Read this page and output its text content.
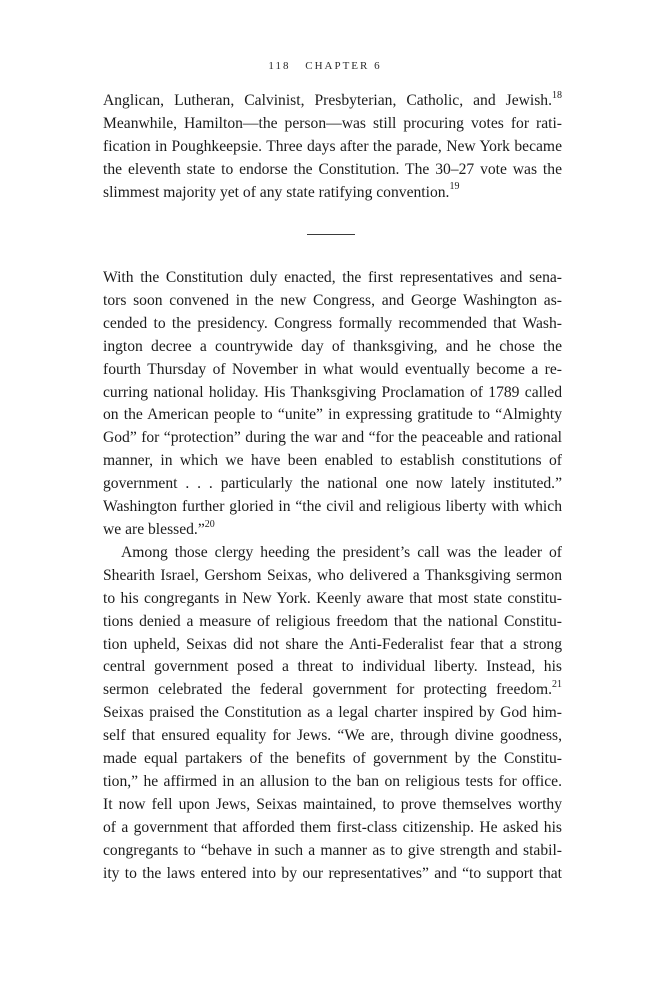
118 CHAPTER 6
Anglican, Lutheran, Calvinist, Presbyterian, Catholic, and Jewish.$^{18}$
Meanwhile, Hamilton—the person—was still procuring votes for rati-
fication in Poughkeepsie. Three days after the parade, New York became
the eleventh state to endorse the Constitution. The 30–27 vote was the
slimmest majority yet of any state ratifying convention.$^{19}$
With the Constitution duly enacted, the first representatives and sena-
tors soon convened in the new Congress, and George Washington as-
cended to the presidency. Congress formally recommended that Wash-
ington decree a countrywide day of thanksgiving, and he chose the
fourth Thursday of November in what would eventually become a re-
curring national holiday. His Thanksgiving Proclamation of 1789 called
on the American people to “unite” in expressing gratitude to “Almighty
God” for “protection” during the war and “for the peaceable and rational
manner, in which we have been enabled to establish constitutions of
government . . . particularly the national one now lately instituted.”
Washington further gloried in “the civil and religious liberty with which
we are blessed.”$^{20}$
Among those clergy heeding the president’s call was the leader of
Shearith Israel, Gershom Seixas, who delivered a Thanksgiving sermon
to his congregants in New York. Keenly aware that most state constitu-
tions denied a measure of religious freedom that the national Constitu-
tion upheld, Seixas did not share the Anti-Federalist fear that a strong
central government posed a threat to individual liberty. Instead, his
sermon celebrated the federal government for protecting freedom.$^{21}$
Seixas praised the Constitution as a legal charter inspired by God him-
self that ensured equality for Jews. “We are, through divine goodness,
made equal partakers of the benefits of government by the Constitu-
tion,” he affirmed in an allusion to the ban on religious tests for office.
It now fell upon Jews, Seixas maintained, to prove themselves worthy
of a government that afforded them first-class citizenship. He asked his
congregants to “behave in such a manner as to give strength and stabil-
ity to the laws entered into by our representatives” and “to support that
